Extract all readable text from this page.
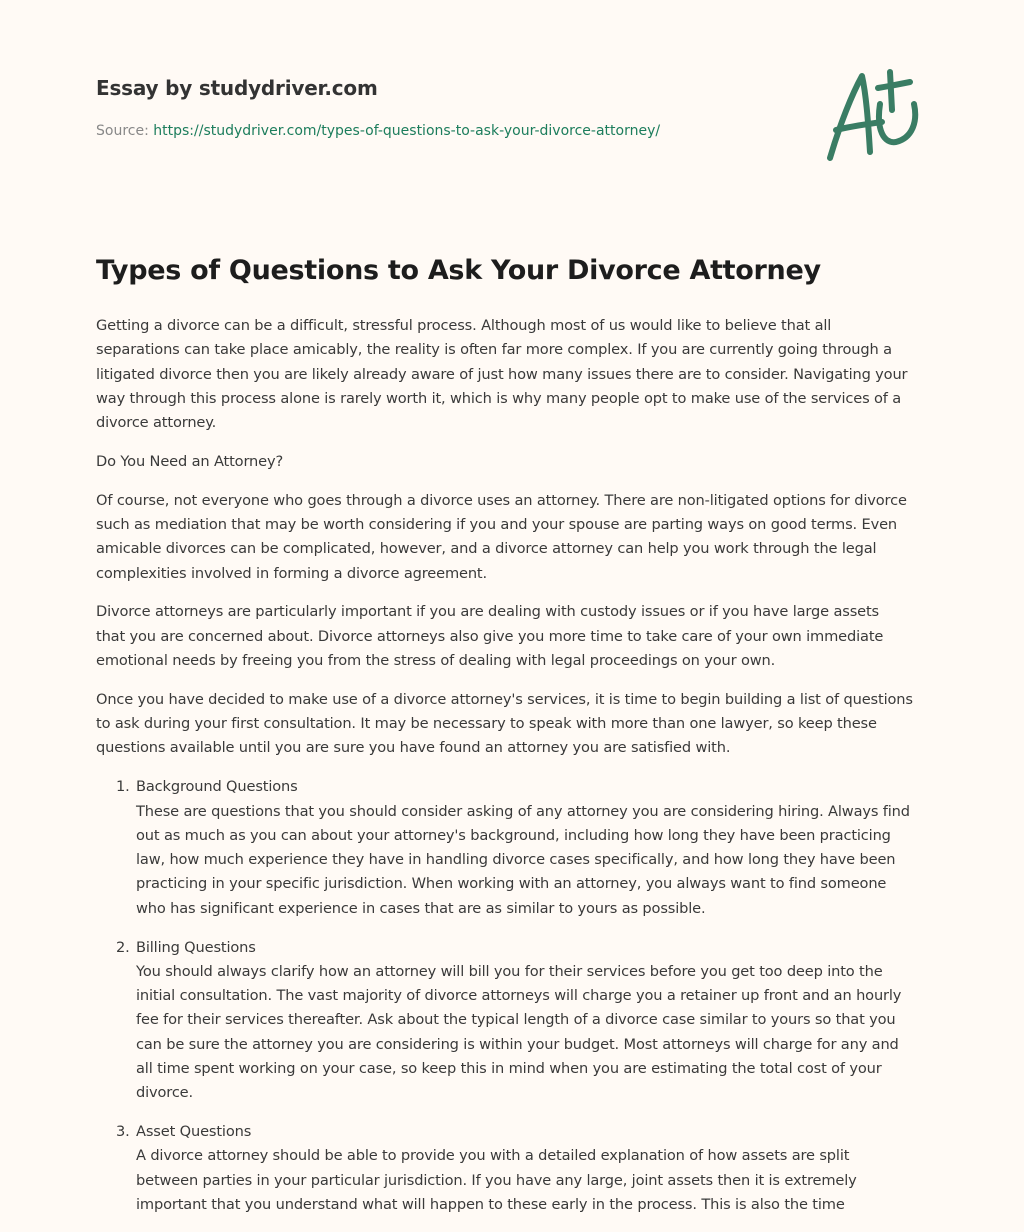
Essay by studydriver.com
Source: https://studydriver.com/types-of-questions-to-ask-your-divorce-attorney/
Types of Questions to Ask Your Divorce Attorney

Getting a divorce can be a difficult, stressful process. Although most of us would like to believe that all
separations can take place amicably, the reality is often far more complex. If you are currently going through a
litigated divorce then you are likely already aware of just how many issues there are to consider. Navigating your
way through this process alone is rarely worth it, which is why many people opt to make use of the services of a
divorce attorney.

Do You Need an Attorney?

Of course, not everyone who goes through a divorce uses an attorney. There are non-litigated options for divorce
such as mediation that may be worth considering if you and your spouse are parting ways on good terms. Even
amicable divorces can be complicated, however, and a divorce attorney can help you work through the legal
complexities involved in forming a divorce agreement.

Divorce attorneys are particularly important if you are dealing with custody issues or if you have large assets
that you are concerned about. Divorce attorneys also give you more time to take care of your own immediate
emotional needs by freeing you from the stress of dealing with legal proceedings on your own.

Once you have decided to make use of a divorce attorney's services, it is time to begin building a list of questions
to ask during your first consultation. It may be necessary to speak with more than one lawyer, so keep these
questions available until you are sure you have found an attorney you are satisfied with.

1. Background Questions
These are questions that you should consider asking of any attorney you are considering hiring. Always find
out as much as you can about your attorney's background, including how long they have been practicing
law, how much experience they have in handling divorce cases specifically, and how long they have been
practicing in your specific jurisdiction. When working with an attorney, you always want to find someone
who has significant experience in cases that are as similar to yours as possible.
2. Billing Questions
You should always clarify how an attorney will bill you for their services before you get too deep into the
initial consultation. The vast majority of divorce attorneys will charge you a retainer up front and an hourly
fee for their services thereafter. Ask about the typical length of a divorce case similar to yours so that you
can be sure the attorney you are considering is within your budget. Most attorneys will charge for any and
all time spent working on your case, so keep this in mind when you are estimating the total cost of your
divorce.
3. Asset Questions
A divorce attorney should be able to provide you with a detailed explanation of how assets are split
between parties in your particular jurisdiction. If you have any large, joint assets then it is extremely
important that you understand what will happen to these early in the process. This is also the time
